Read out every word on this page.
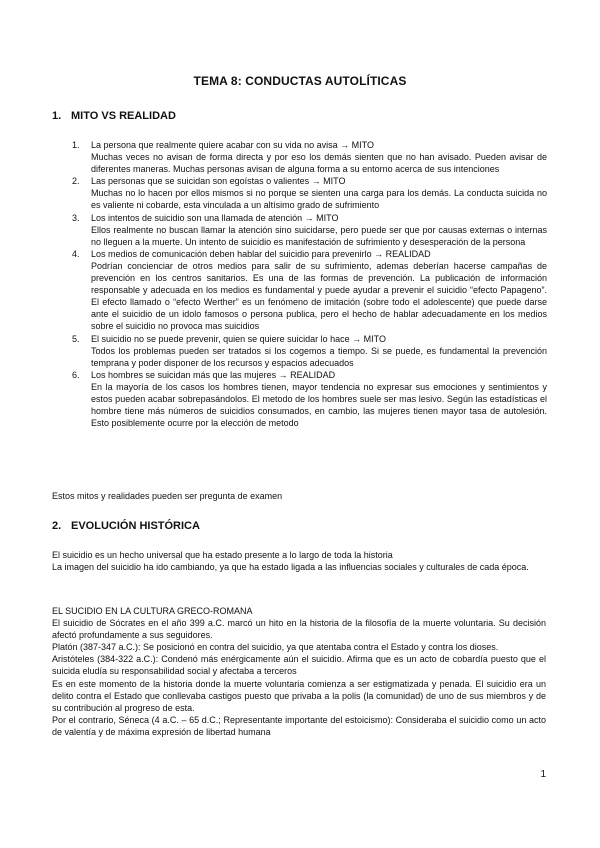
TEMA 8: CONDUCTAS AUTOLÍTICAS
1. MITO VS REALIDAD
1. La persona que realmente quiere acabar con su vida no avisa → MITO
Muchas veces no avisan de forma directa y por eso los demás sienten que no han avisado. Pueden avisar de diferentes maneras. Muchas personas avisan de alguna forma a su entorno acerca de sus intenciones
2. Las personas que se suicidan son egoístas o valientes → MITO
Muchas no lo hacen por ellos mismos si no porque se sienten una carga para los demás. La conducta suicida no es valiente ni cobarde, esta vinculada a un altísimo grado de sufrimiento
3. Los intentos de suicidio son una llamada de atención → MITO
Ellos realmente no buscan llamar la atención sino suicidarse, pero puede ser que por causas externas o internas no lleguen a la muerte. Un intento de suicidio es manifestación de sufrimiento y desesperación de la persona
4. Los medios de comunicación deben hablar del suicidio para prevenirlo → REALIDAD
Podrían concienciar de otros medios para salir de su sufrimiento, ademas deberían hacerse campañas de prevención en los centros sanitarios. Es una de las formas de prevención. La publicación de información responsable y adecuada en los medios es fundamental y puede ayudar a prevenir el suicidio “efecto Papageno”. El efecto llamado o “efecto Werther” es un fenómeno de imitación (sobre todo el adolescente) que puede darse ante el suicidio de un idolo famosos o persona publica, pero el hecho de hablar adecuadamente en los medios sobre el suicidio no provoca mas suicidios
5. El suicidio no se puede prevenir, quien se quiere suicidar lo hace → MITO
Todos los problemas pueden ser tratados si los cogemos a tiempo. Si se puede, es fundamental la prevención temprana y poder disponer de los recursos y espacios adecuados
6. Los hombres se suicidan más que las mujeres → REALIDAD
En la mayoría de los casos los hombres tienen, mayor tendencia no expresar sus emociones y sentimientos y estos pueden acabar sobrepasándolos. El metodo de los hombres suele ser mas lesivo. Según las estadísticas el hombre tiene más números de suicidios consumados, en cambio, las mujeres tienen mayor tasa de autolesión. Esto posiblemente ocurre por la elección de metodo

Estos mitos y realidades pueden ser pregunta de examen

2. EVOLUCIÓN HISTÓRICA

El suicidio es un hecho universal que ha estado presente a lo largo de toda la historia

La imagen del suicidio ha ido cambiando, ya que ha estado ligada a las influencias sociales y culturales de cada época.

EL SUCIDIO EN LA CULTURA GRECO-ROMANA

El suicidio de Sócrates en el año 399 a.C. marcó un hito en la historia de la filosofía de la muerte voluntaria. Su decisión afectó profundamente a sus seguidores.

Platón (387-347 a.C.): Se posicionó en contra del suicidio, ya que atentaba contra el Estado y contra los dioses.

Aristóteles (384-322 a.C.): Condenó más enérgicamente aún el suicidio. Afirma que es un acto de cobardía puesto que el suicida eludía su responsabilidad social y afectaba a terceros

Es en este momento de la historia donde la muerte voluntaria comienza a ser estigmatizada y penada. El suicidio era un delito contra el Estado que conllevaba castigos puesto que privaba a la polis (la comunidad) de uno de sus miembros y de su contribución al progreso de esta.

Por el contrario, Séneca (4 a.C. – 65 d.C.; Representante importante del estoicismo): Consideraba el suicidio como un acto de valentía y de máxima expresión de libertad humana

1
